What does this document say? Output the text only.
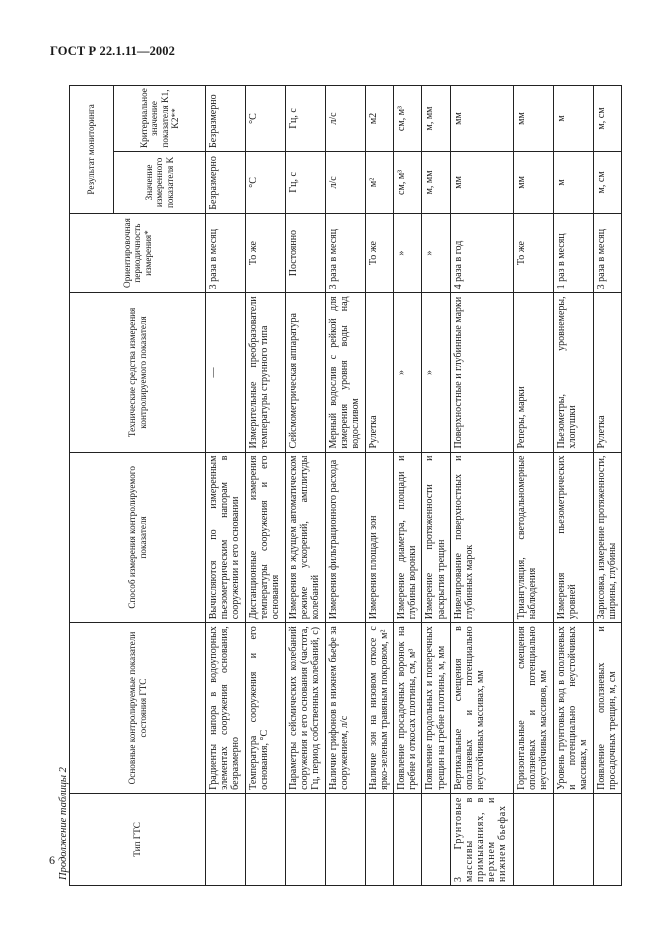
ГОСТ Р 22.1.11—2002
6 Продолжение таблицы 2	Тип ГТС	Основные контролируемые показатели состояния ГТС	Способ измерения контролируемого показателя	Технические средства измерения контролируемого показателя	Ориентировочная периодичность измерения*	Результат мониторинга	
					Значение измеренного показателя K	Критериальное значение показателя K1, K2**
	Градиенты напора в водоупорных элементах сооружения основания, безразмерно	Вычисляются по измеренным пьезометрическим напорам в сооружении и его основании	—	3 раза в месяц	Безразмерно	Безразмерно
	Температура сооружения и его основания, °С	Дистанционные измерения температуры сооружения и его основания	Измерительные преобразователи температуры струнного типа	То же	°С	°С
	Параметры сейсмических колебаний сооружения и его основания (частота, Гц, период собственных колебаний, с)	Измерения в ждущем автоматическом режиме ускорений, амплитуды колебаний	Сейсмометрическая аппаратура	Постоянно	Гц, с	Гц, с
	Наличие грифонов в нижнем бьефе за сооружением, л/с	Измерения фильтрационного расхода	Мерный водослив с рейкой для измерения уровня воды над водосливом	3 раза в месяц	л/с	л/с
	Наличие зон на низовом откосе с ярко-зеленым травяным покровом, м²	Измерения площади зон	Рулетка	То же	м²	м2
	Появление просадочных воронок на гребне и откосах плотины, см, м³	Измерение диаметра, площади и глубины воронки	»	»	см, м³	см, м³
	Появление продольных и поперечных трещин на гребне плотины, м, мм	Измерение протяженности и раскрытия трещин	»	»	м, мм	м, мм
3 Грунтовые массивы в примыканиях, в верхнем и нижнем бьефах	Вертикальные смещения в оползневых и потенциально неустойчивых массивах, мм	Нивелирование поверхностных и глубинных марок	Поверхностные и глубинные марки	4 раза в год	мм	мм
	Горизонтальные смещения оползневых и потенциально неустойчивых массивов, мм	Триангуляция, светодальномерные наблюдения	Реперы, марки	То же	мм	мм
	Уровень грунтовых вод в оползневых и потенциально неустойчивых массивах, м	Измерения пьезометрических уровней	Пьезометры, уровнемеры, хлопушки	1 раз в месяц	м	м
	Появление оползневых и просадочных трещин, м, см	Зарисовка, измерение протяженности, ширины, глубины	Рулетка	3 раза в месяц	м, см	м, см
